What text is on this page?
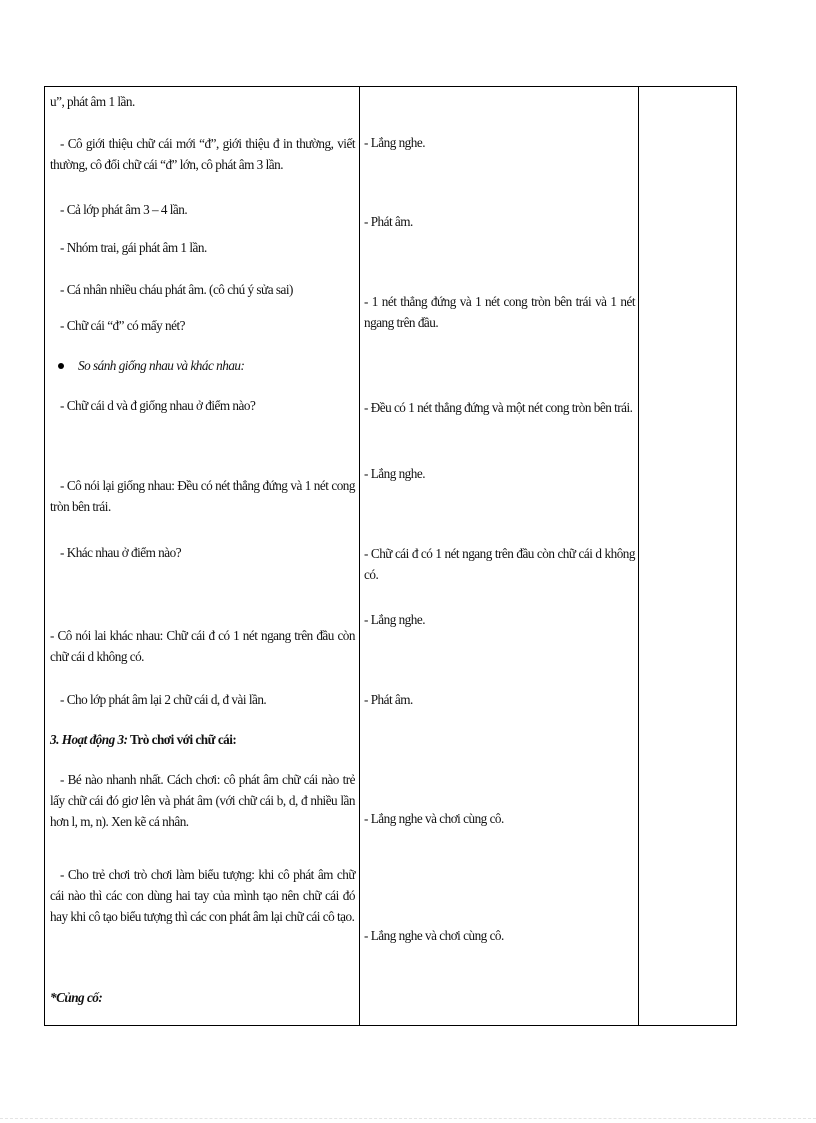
u”, phát âm 1 lần.
- Cô giới thiệu chữ cái mới “đ”, giới thiệu đ in thường, viết thường, cô đổi chữ cái “đ” lớn, cô phát âm 3 lần.
- Cả lớp phát âm 3 – 4 lần.
- Nhóm trai, gái phát âm 1 lần.
- Cá nhân nhiều cháu phát âm. (cô chú ý sửa sai)
- Chữ cái “đ” có mấy nét?
So sánh giống nhau và khác nhau:
- Chữ cái d và đ giống nhau ở điểm nào?
- Cô nói lại giống nhau: Đều có nét thẳng đứng và 1 nét cong tròn bên trái.
- Khác nhau ở điểm nào?
- Cô nói lai khác nhau: Chữ cái đ có 1 nét ngang trên đầu còn chữ cái d không có.
- Cho lớp phát âm lại 2 chữ cái d, đ vài lần.
3. Hoạt động 3: Trò chơi với chữ cái:
- Bé nào nhanh nhất. Cách chơi: cô phát âm chữ cái nào trẻ lấy chữ cái đó giơ lên và phát âm (với chữ cái b, d, đ nhiều lần hơn l, m, n). Xen kẽ cá nhân.
- Cho trẻ chơi trò chơi làm biểu tượng: khi cô phát âm chữ cái nào thì các con dùng hai tay của mình tạo nên chữ cái đó hay khi cô tạo biểu tượng thì các con phát âm lại chữ cái cô tạo.
*Củng cố:
- Lắng nghe.
- Phát âm.
- 1 nét thẳng đứng và 1 nét cong tròn bên trái và 1 nét ngang trên đầu.
- Đều có 1 nét thẳng đứng và một nét cong tròn bên trái.
- Lắng nghe.
- Chữ cái đ có 1 nét ngang trên đầu còn chữ cái d không có.
- Lắng nghe.
- Phát âm.
- Lắng nghe và chơi cùng cô.
- Lắng nghe và chơi cùng cô.
